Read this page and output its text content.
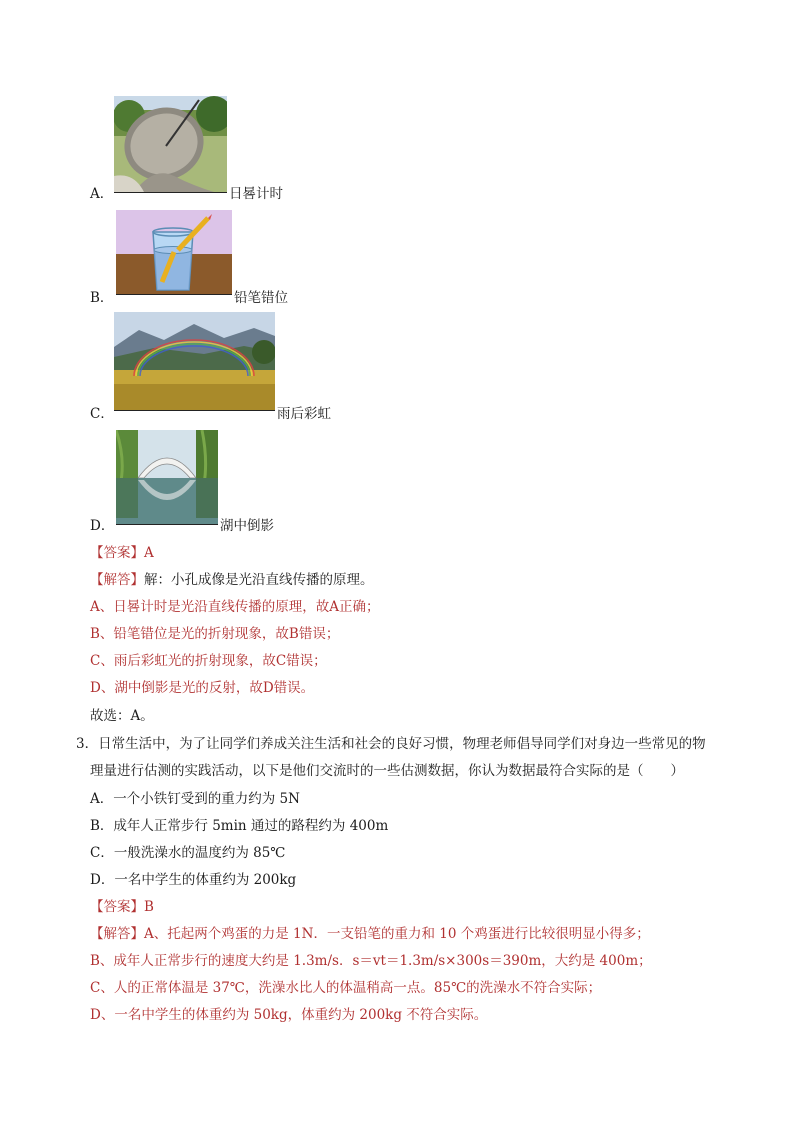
A．	日晷计时
B．	铅笔错位
C．	雨后彩虹
D．	湖中倒影
【答案】A
【解答】解：小孔成像是光沿直线传播的原理。
A、日晷计时是光沿直线传播的原理，故A正确；
B、铅笔错位是光的折射现象，故B错误；
C、雨后彩虹光的折射现象，故C错误；
D、湖中倒影是光的反射，故D错误。
故选：A。
3．日常生活中，为了让同学们养成关注生活和社会的良好习惯，物理老师倡导同学们对身边一些常见的物
理量进行估测的实践活动，以下是他们交流时的一些估测数据，你认为数据最符合实际的是（　　）
A．一个小铁钉受到的重力约为 5N
B．成年人正常步行 5min 通过的路程约为 400m
C．一般洗澡水的温度约为 85℃
D．一名中学生的体重约为 200kg
【答案】B
【解答】A、托起两个鸡蛋的力是 1N．一支铅笔的重力和 10 个鸡蛋进行比较很明显小得多；
B、成年人正常步行的速度大约是 1.3m/s．s＝vt＝1.3m/s×300s＝390m，大约是 400m；
C、人的正常体温是 37℃，洗澡水比人的体温稍高一点。85℃的洗澡水不符合实际；
D、一名中学生的体重约为 50kg，体重约为 200kg 不符合实际。
